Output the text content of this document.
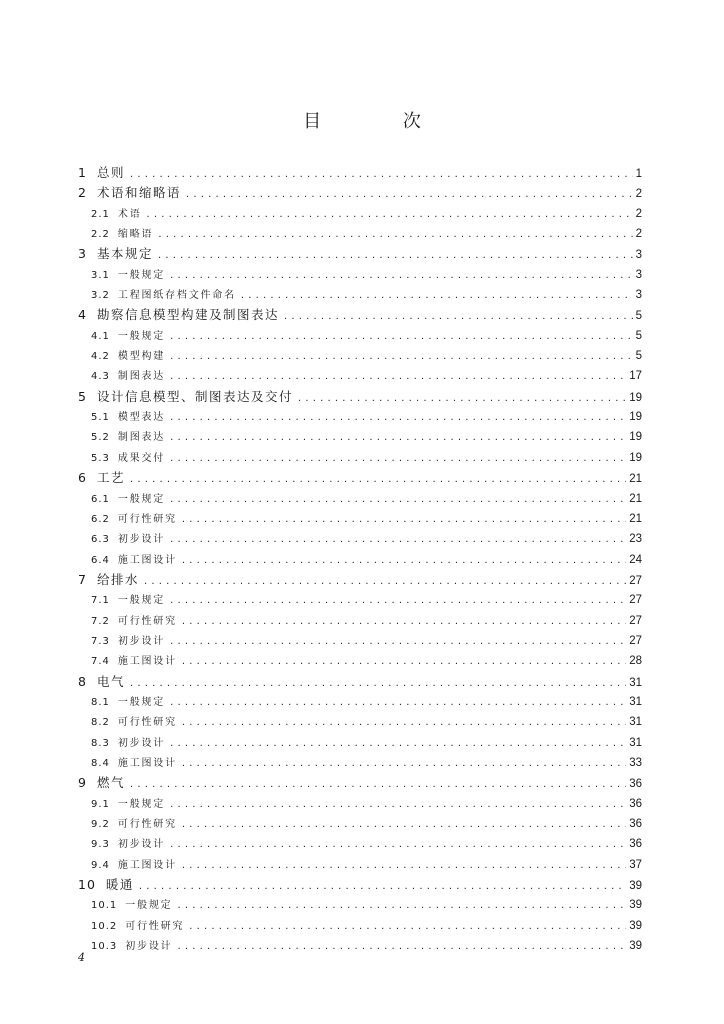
目 次
1 总则 .....	1
2 术语和缩略语 .....	2
2.1 术语 .....	2
2.2 缩略语 .....	2
3 基本规定 .....	3
3.1 一般规定 .....	3
3.2 工程图纸存档文件命名 .....	3
4 勘察信息模型构建及制图表达 .....	5
4.1 一般规定 .....	5
4.2 模型构建 .....	5
4.3 制图表达 .....	17
5 设计信息模型、制图表达及交付 .....	19
5.1 模型表达 .....	19
5.2 制图表达 .....	19
5.3 成果交付 .....	19
6 工艺 .....	21
6.1 一般规定 .....	21
6.2 可行性研究 .....	21
6.3 初步设计 .....	23
6.4 施工图设计 .....	24
7 给排水 .....	27
7.1 一般规定 .....	27
7.2 可行性研究 .....	27
7.3 初步设计 .....	27
7.4 施工图设计 .....	28
8 电气 .....	31
8.1 一般规定 .....	31
8.2 可行性研究 .....	31
8.3 初步设计 .....	31
8.4 施工图设计 .....	33
9 燃气 .....	36
9.1 一般规定 .....	36
9.2 可行性研究 .....	36
9.3 初步设计 .....	36
9.4 施工图设计 .....	37
10 暖通 .....	39
10.1 一般规定 .....	39
10.2 可行性研究 .....	39
10.3 初步设计 .....	39
4
